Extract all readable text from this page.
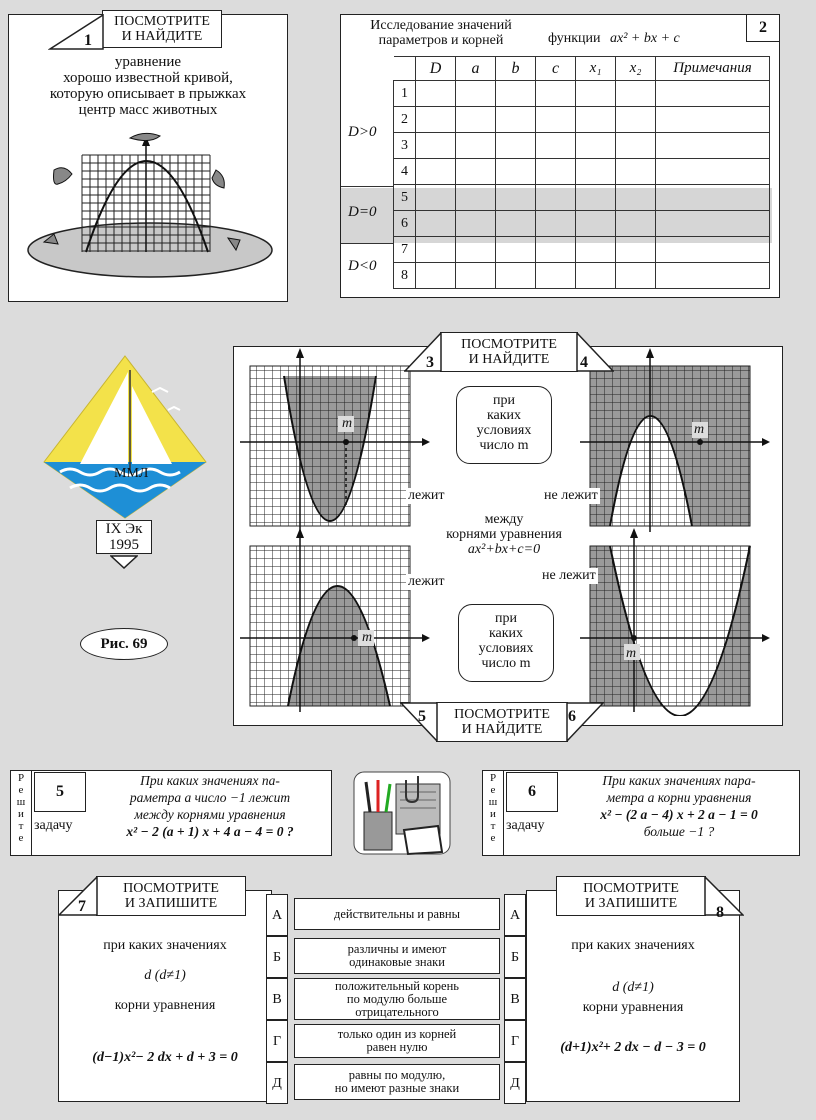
ПОСМОТРИТЕ
И НАЙДИТЕ
1
уравнение
хорошо известной кривой,
которую описывает в прыжках
центр масс животных
Исследование значений
параметров и корней	функции ax² + bx + c
2
	D	a	b	c	x₁	x₂	Примечания
1							
2							
3							
4							
5							
6							
7							
8							
D>0
D=0
D<0
ММЛ
IX Эк
1995
Рис. 69
m	m
m
m
ПОСМОТРИТЕ
И НАЙДИТЕ
3	4
ПОСМОТРИТЕ
И НАЙДИТЕ
5	6
при
каких
условиях
число m
при
каких
условиях
число m
лежит	не лежит
лежит	не лежит
между
корнями уравнения
ax²+bx+c=0
Р
е
ш
и
т
е
5
задачу
При каких значениях па-
раметра a число −1 лежит
между корнями уравнения
x² − 2 (a + 1) x + 4 a − 4 = 0 ?
Р
е
ш
и
т
е
6
задачу
При каких значениях пара-
метра a корни уравнения
x² − (2 a − 4) x + 2 a − 1 = 0
больше −1 ?
ПОСМОТРИТЕ
И ЗАПИШИТЕ
7
ПОСМОТРИТЕ
И ЗАПИШИТЕ
8
при каких значениях
d (d≠1)
корни уравнения
(d−1)x²− 2 dx + d + 3 = 0
при каких значениях
d (d≠1)
корни уравнения
(d+1)x²+ 2 dx − d − 3 = 0
А
Б
В
Г
Д
действительны и равны
различны и имеют
одинаковые знаки
положительный корень
по модулю больше
отрицательного
только один из корней
равен нулю
равны по модулю,
но имеют разные знаки
А
Б
В
Г
Д
